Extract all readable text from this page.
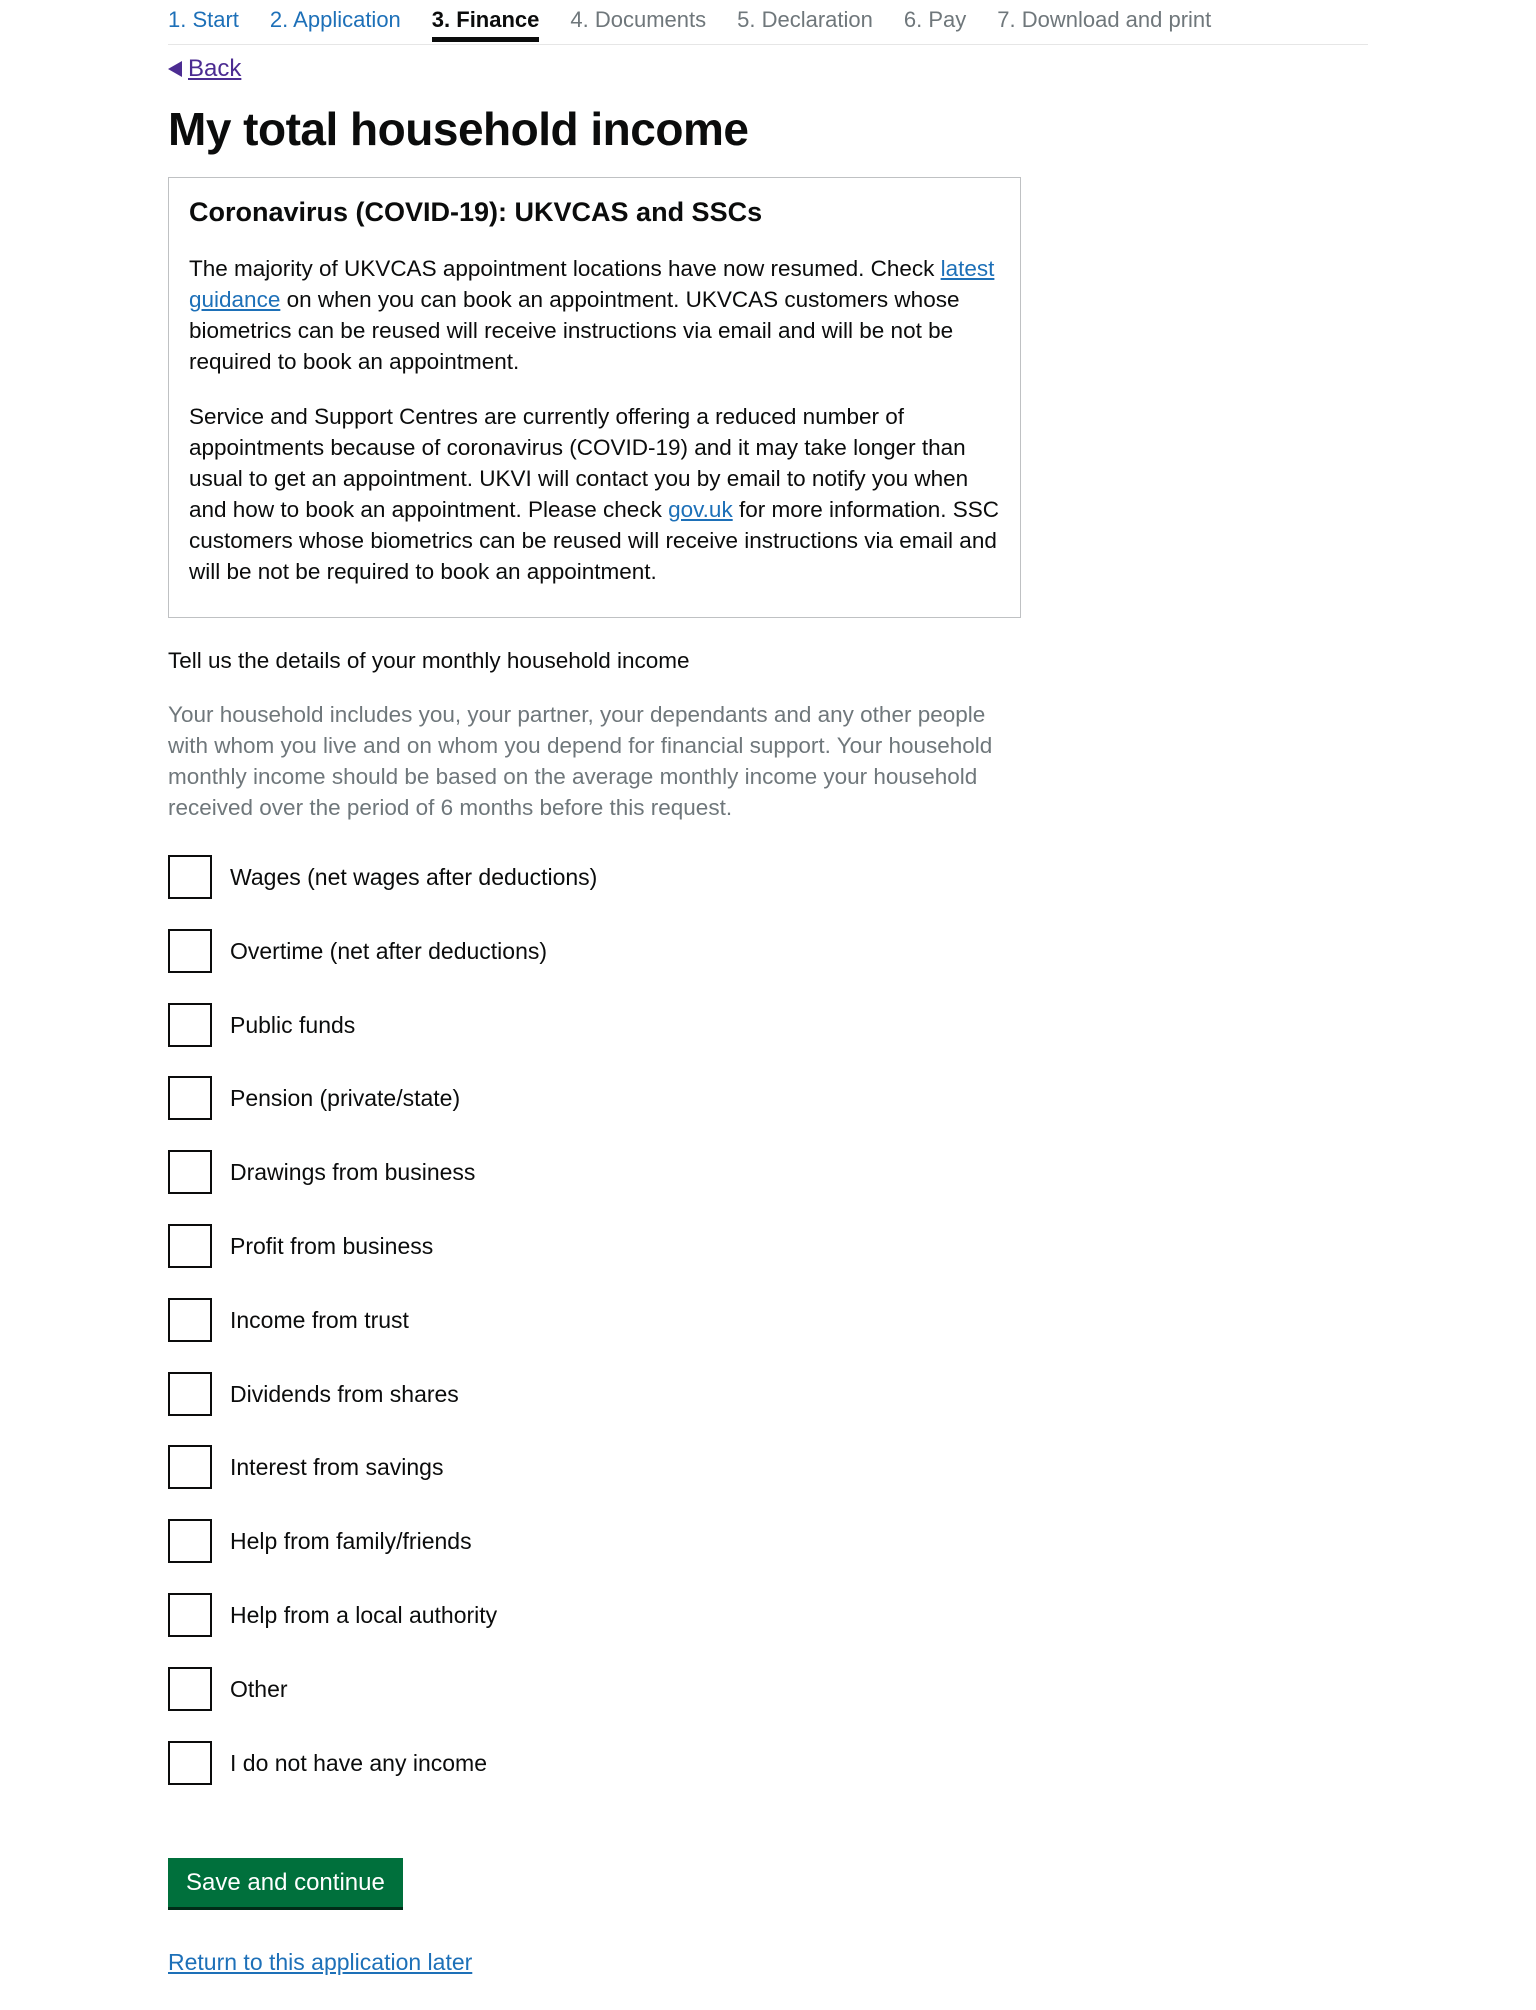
1. Start 2. Application 3. Finance 4. Documents 5. Declaration 6. Pay 7. Download and print
Back
My total household income
Coronavirus (COVID-19): UKVCAS and SSCs

The majority of UKVCAS appointment locations have now resumed. Check latest guidance on when you can book an appointment. UKVCAS customers whose biometrics can be reused will receive instructions via email and will be not be required to book an appointment.

Service and Support Centres are currently offering a reduced number of appointments because of coronavirus (COVID-19) and it may take longer than usual to get an appointment. UKVI will contact you by email to notify you when and how to book an appointment. Please check gov.uk for more information. SSC customers whose biometrics can be reused will receive instructions via email and will be not be required to book an appointment.

Tell us the details of your monthly household income
Your household includes you, your partner, your dependants and any other people with whom you live and on whom you depend for financial support. Your household monthly income should be based on the average monthly income your household received over the period of 6 months before this request.
Wages (net wages after deductions)
Overtime (net after deductions)
Public funds
Pension (private/state)
Drawings from business
Profit from business
Income from trust
Dividends from shares
Interest from savings
Help from family/friends
Help from a local authority
Other
I do not have any income
Save and continue
Return to this application later
